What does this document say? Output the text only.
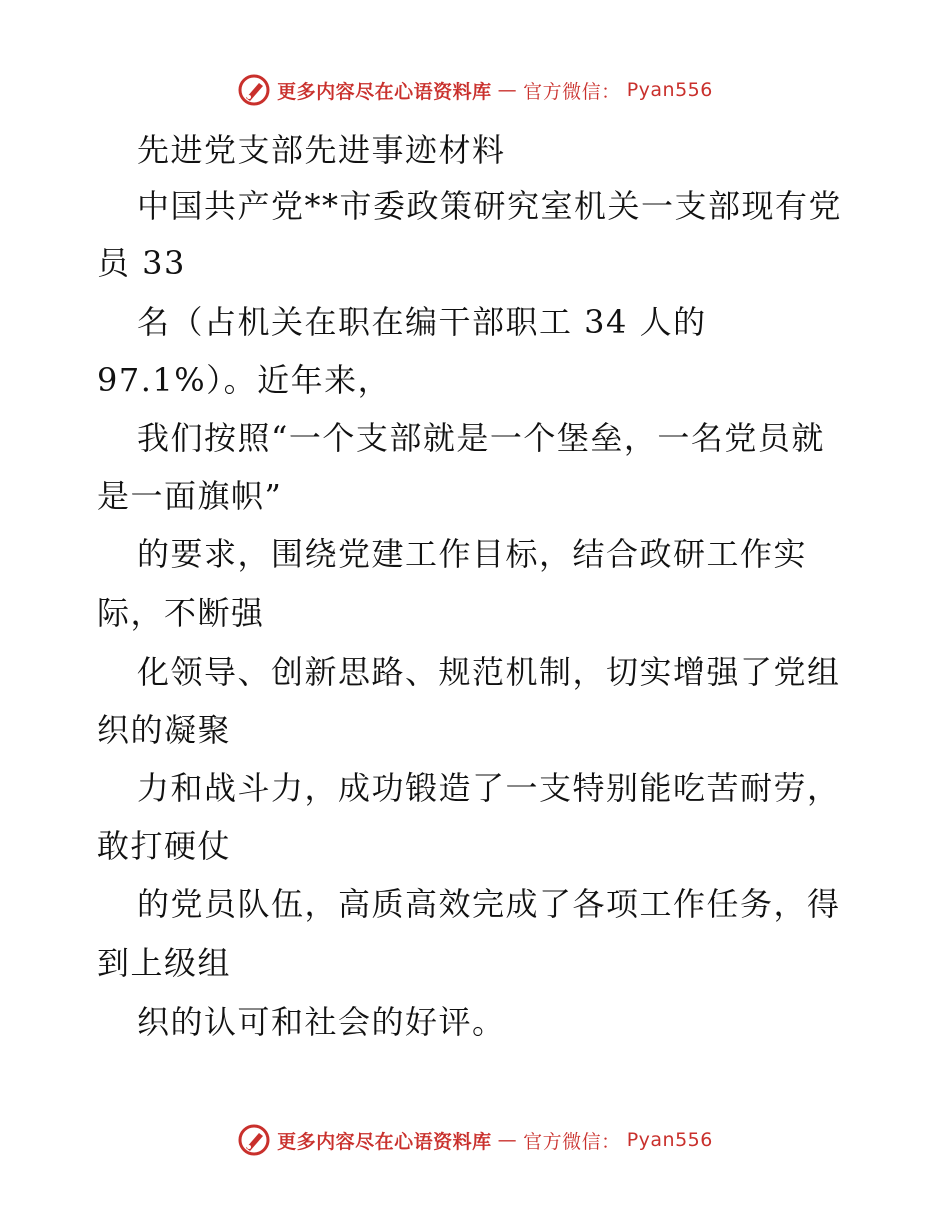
更多内容尽在心语资料库 — 官方微信： Pyan556
先进党支部先进事迹材料
中国共产党**市委政策研究室机关一支部现有党
员 33
名（占机关在职在编干部职工 34 人的
97.1%）。近年来，
我们按照“一个支部就是一个堡垒，一名党员就
是一面旗帜”
的要求，围绕党建工作目标，结合政研工作实
际，不断强
化领导、创新思路、规范机制，切实增强了党组
织的凝聚
力和战斗力，成功锻造了一支特别能吃苦耐劳，
敢打硬仗
的党员队伍，高质高效完成了各项工作任务，得
到上级组
织的认可和社会的好评。
更多内容尽在心语资料库 — 官方微信： Pyan556
